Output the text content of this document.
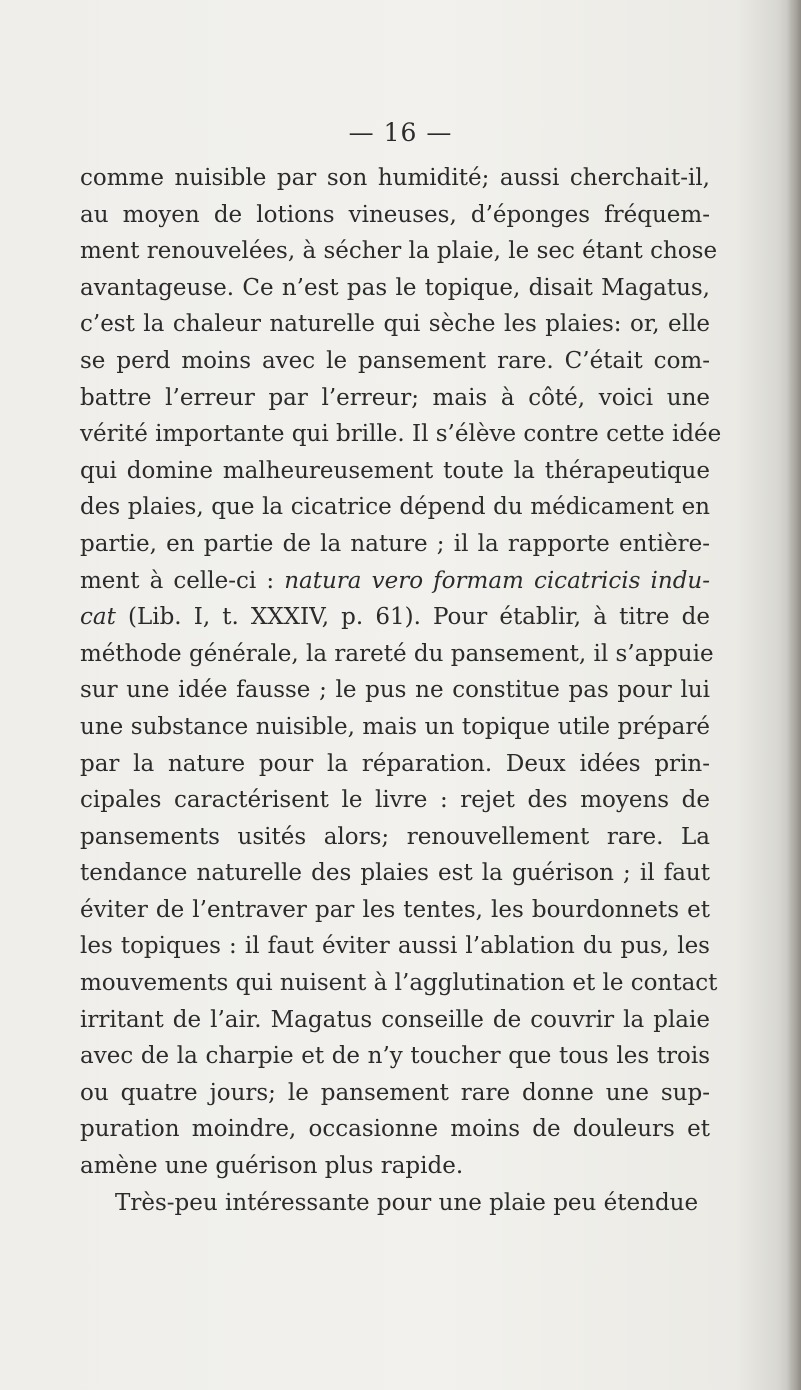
— 16 —
comme nuisible par son humidité; aussi cherchait-il,
au moyen de lotions vineuses, d’éponges fréquem-
ment renouvelées, à sécher la plaie, le sec étant chose
avantageuse. Ce n’est pas le topique, disait Magatus,
c’est la chaleur naturelle qui sèche les plaies: or, elle
se perd moins avec le pansement rare. C’était com-
battre l’erreur par l’erreur; mais à côté, voici une
vérité importante qui brille. Il s’élève contre cette idée
qui domine malheureusement toute la thérapeutique
des plaies, que la cicatrice dépend du médicament en
partie, en partie de la nature ; il la rapporte entière-
ment à celle-ci : natura vero formam cicatricis indu-
cat (Lib. I, t. XXXIV, p. 61). Pour établir, à titre de
méthode générale, la rareté du pansement, il s’appuie
sur une idée fausse ; le pus ne constitue pas pour lui
une substance nuisible, mais un topique utile préparé
par la nature pour la réparation. Deux idées prin-
cipales caractérisent le livre : rejet des moyens de
pansements usités alors; renouvellement rare. La
tendance naturelle des plaies est la guérison ; il faut
éviter de l’entraver par les tentes, les bourdonnets et
les topiques : il faut éviter aussi l’ablation du pus, les
mouvements qui nuisent à l’agglutination et le contact
irritant de l’air. Magatus conseille de couvrir la plaie
avec de la charpie et de n’y toucher que tous les trois
ou quatre jours; le pansement rare donne une sup-
puration moindre, occasionne moins de douleurs et
amène une guérison plus rapide.
Très-peu intéressante pour une plaie peu étendue
